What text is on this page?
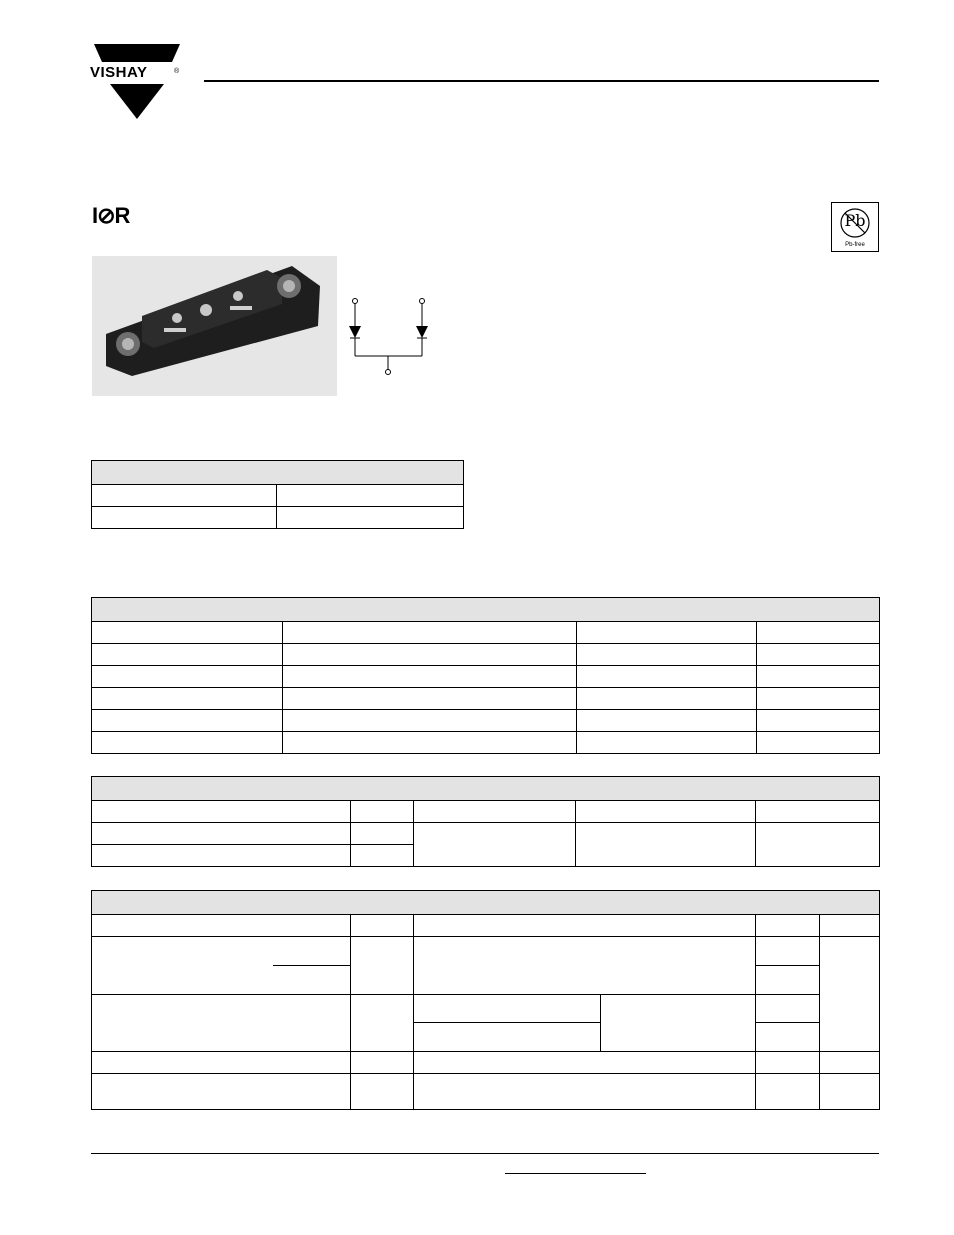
VISHAY	®
I⊘R	Pb
Pb-free
